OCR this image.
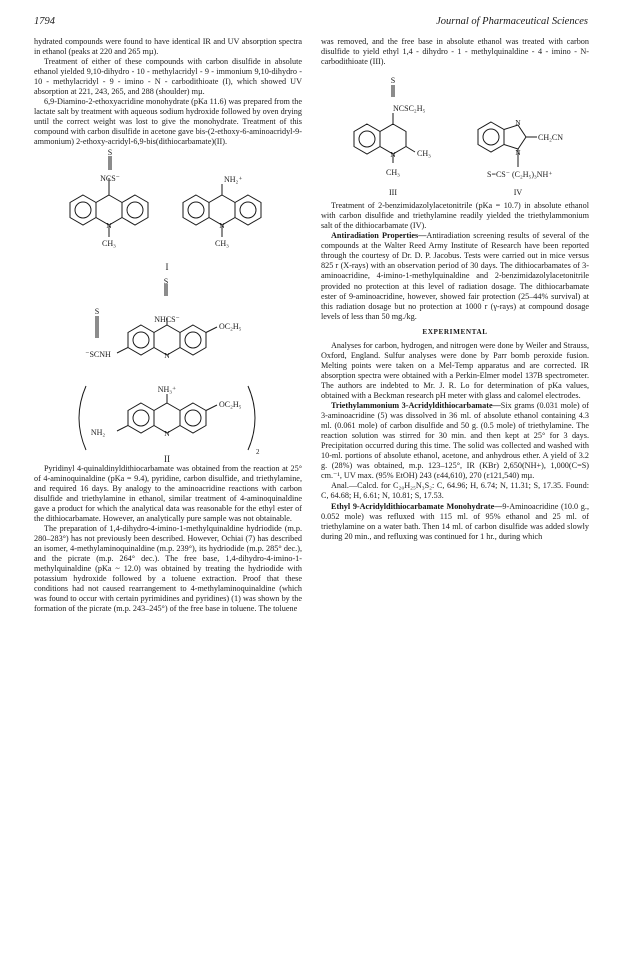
1794	Journal of Pharmaceutical Sciences

hydrated compounds were found to have identical IR and UV absorption spectra in ethanol (peaks at 220 and 265 mµ).

Treatment of either of these compounds with carbon disulfide in absolute ethanol yielded 9,10-dihydro - 10 - methylacridyl - 9 - immonium 9,10-dihydro - 10 - methylacridyl - 9 - imino - N - carbodithioate (I), which showed UV absorption at 221, 243, 265, and 288 (shoulder) mµ.

6,9-Diamino-2-ethoxyacridine monohydrate (pKa 11.6) was prepared from the lactate salt by treatment with aqueous sodium hydroxide followed by oven drying until the correct weight was lost to give the monohydrate. Treatment of this compound with carbon disulfide in acetone gave bis-(2-ethoxy-6-aminoacridyl-9-ammonium) 2-ethoxy-acridyl-6,9-bis(dithiocarbamate)(II).

S
NCS⁻	NH₂⁺
N	N
CH₃	CH₃
I
S
NHCS⁻
S
⁻SCNH
OC₂H₅
N
NH₃⁺
OC₂H₅
NH₂	N
2
II

Pyridinyl 4-quinaldinyldithiocarbamate was obtained from the reaction at 25° of 4-aminoquinaldine (pKa = 9.4), pyridine, carbon disulfide, and triethylamine, and required 16 days. By analogy to the aminoacridine reactions with carbon disulfide and triethylamine in ethanol, similar treatment of 4-aminoquinaldine gave a product for which the analytical data was reasonable for the ethyl ester of the dithiocarbamate. However, an analytically pure sample was not obtainable.

The preparation of 1,4-dihydro-4-imino-1-methylquinaldine hydriodide (m.p. 280–283°) has not previously been described. However, Ochiai (7) has described an isomer, 4-methylaminoquinaldine (m.p. 239°), its hydriodide (m.p. 285° dec.), and the picrate (m.p. 264° dec.). The free base, 1,4-dihydro-4-imino-1-methylquinaldine (pKa ~ 12.0) was obtained by treating the hydriodide with potassium hydroxide followed by a toluene extraction. Proof that these conditions had not caused rearrangement to 4-methylaminoquinaldine (which was found to occur with certain pyrimidines and pyridines) (1) was shown by the formation of the picrate (m.p. 243–245°) of the free base in toluene. The toluene

was removed, and the free base in absolute ethanol was treated with carbon disulfide to yield ethyl 1,4 - dihydro - 1 - methylquinaldine - 4 - imino - N-carbodithioate (III).

S
NCSC₂H₅
N	CH₃
CH₃
III
N
N
CH₂CN
S=CS⁻ (C₂H₅)₃NH⁺
IV

Treatment of 2-benzimidazolylacetonitrile (pKa = 10.7) in absolute ethanol with carbon disulfide and triethylamine readily yielded the triethylammonium salt of the dithiocarbamate (IV).

Antiradiation Properties—Antiradiation screening results of several of the compounds at the Walter Reed Army Institute of Research have been reported through the courtesy of Dr. D. P. Jacobus. Tests were carried out in mice versus 825 r (X-rays) with an observation period of 30 days. The dithiocarbamates of 3-aminoacridine, 4-imino-1-methylquinaldine and 2-benzimidazolylacetonitrile provided no protection at this level of radiation dosage. The dithiocarbamate ester of 9-aminoacridine, however, showed fair protection (25–44% survival) at this radiation dosage but no protection at 1000 r (γ-rays) at compound dosage levels of less than 50 mg./kg.

EXPERIMENTAL

Analyses for carbon, hydrogen, and nitrogen were done by Weiler and Strauss, Oxford, England. Sulfur analyses were done by Parr bomb peroxide fusion. Melting points were taken on a Mel-Temp apparatus and are corrected. IR absorption spectra were obtained with a Perkin-Elmer model 137B spectrometer. The authors are indebted to Mr. J. R. Lo for determination of pKa values, obtained with a Beckman research pH meter with glass and calomel electrodes.

Triethylammonium 3-Acridyldithiocarbamate—Six grams (0.031 mole) of 3-aminoacridine (5) was dissolved in 36 ml. of absolute ethanol containing 4.3 ml. (0.061 mole) of carbon disulfide and 50 g. (0.5 mole) of triethylamine. The reaction solution was stirred for 30 min. and then kept at 25° for 3 days. Precipitation occurred during this time. The solid was collected and washed with 10-ml. portions of absolute ethanol, acetone, and anhydrous ether. A yield of 3.2 g. (28%) was obtained, m.p. 123–125°, IR (KBr) 2,650(NH+), 1,000(C=S) cm.⁻¹, UV max. (95% EtOH) 243 (ε44,610), 270 (ε121,540) mµ.

Anal.—Calcd. for C₂₀H₂₅N₃S₂: C, 64.96; H, 6.74; N, 11.31; S, 17.35. Found: C, 64.68; H, 6.61; N, 10.81; S, 17.53.

Ethyl 9-Acridyldithiocarbamate Monohydrate—9-Aminoacridine (10.0 g., 0.052 mole) was refluxed with 115 ml. of 95% ethanol and 25 ml. of triethylamine on a water bath. Then 14 ml. of carbon disulfide was added slowly during 20 min., and refluxing was continued for 1 hr., during which
